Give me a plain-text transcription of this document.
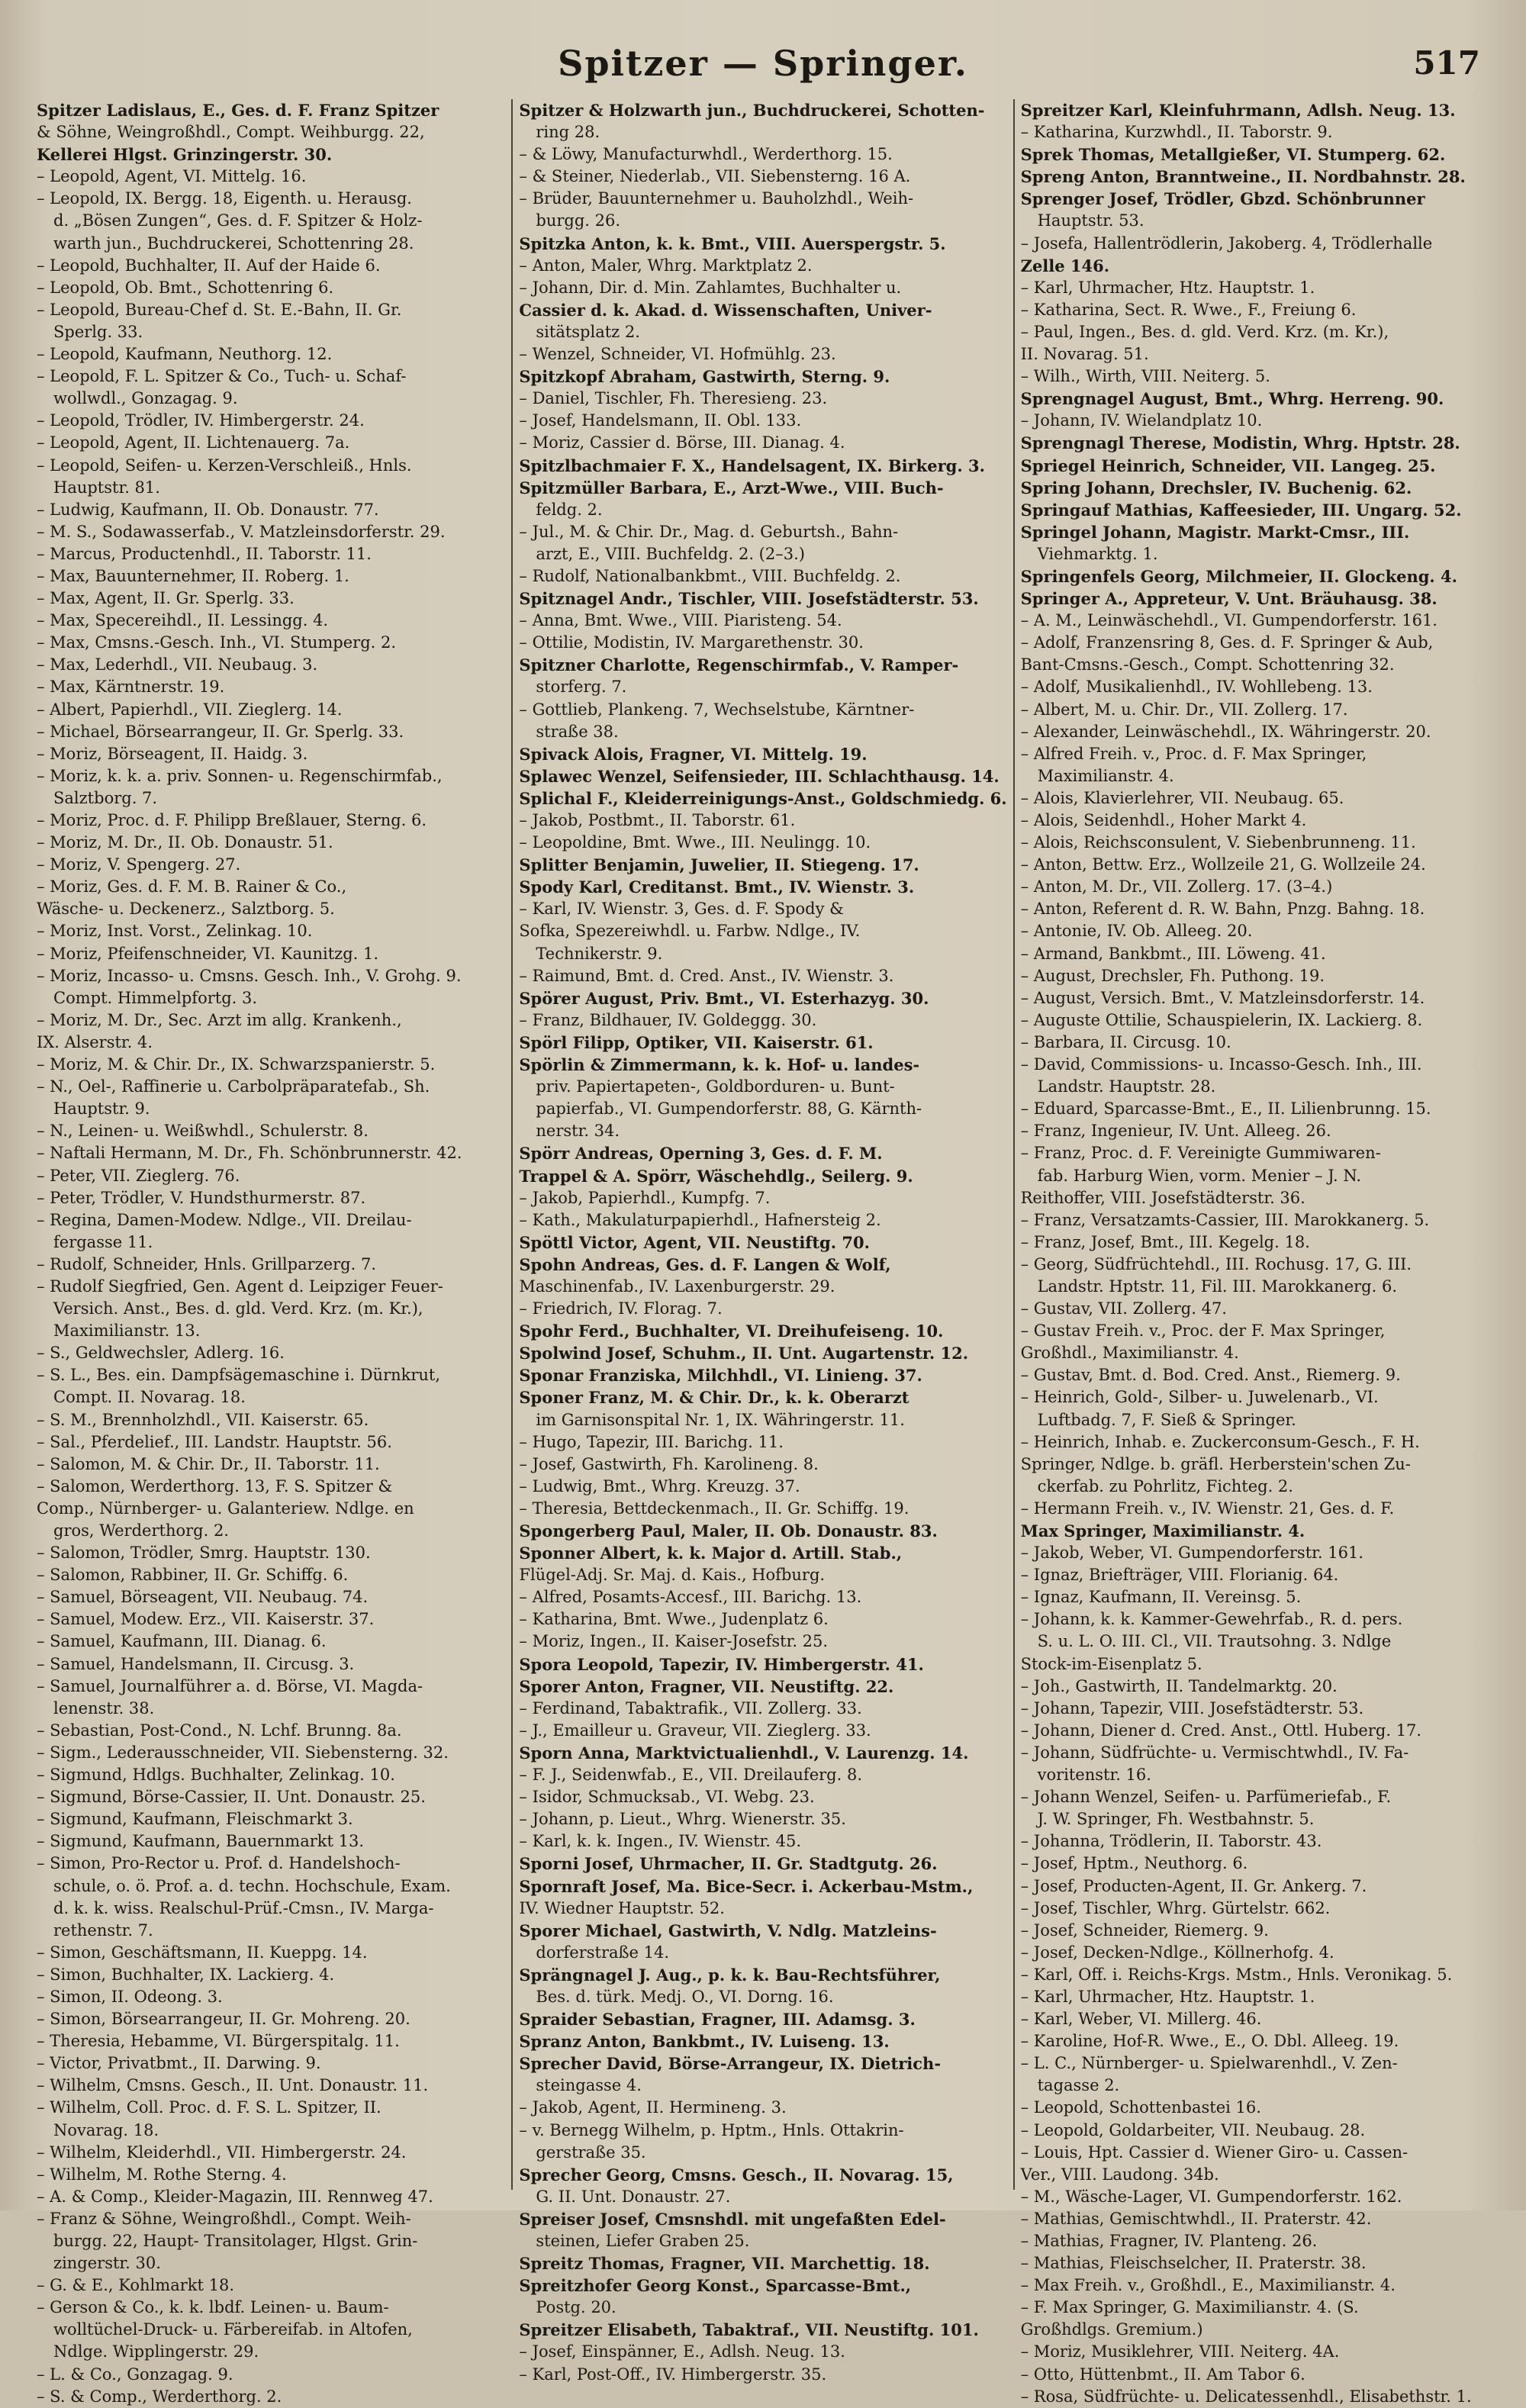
Spitzer — Springer.	517
Spitzer Ladislaus, E., Ges. d. F. Franz Spitzer
& Söhne, Weingroßhdl., Compt. Weihburgg. 22,
Kellerei Hlgst. Grinzingerstr. 30.
– Leopold, Agent, VI. Mittelg. 16.
– Leopold, IX. Bergg. 18, Eigenth. u. Herausg.
d. „Bösen Zungen“, Ges. d. F. Spitzer & Holz-
warth jun., Buchdruckerei, Schottenring 28.
– Leopold, Buchhalter, II. Auf der Haide 6.
– Leopold, Ob. Bmt., Schottenring 6.
– Leopold, Bureau-Chef d. St. E.-Bahn, II. Gr.
Sperlg. 33.
– Leopold, Kaufmann, Neuthorg. 12.
– Leopold, F. L. Spitzer & Co., Tuch- u. Schaf-
wollwdl., Gonzagag. 9.
– Leopold, Trödler, IV. Himbergerstr. 24.
– Leopold, Agent, II. Lichtenauerg. 7a.
– Leopold, Seifen- u. Kerzen-Verschleiß., Hnls.
Hauptstr. 81.
– Ludwig, Kaufmann, II. Ob. Donaustr. 77.
– M. S., Sodawasserfab., V. Matzleinsdorferstr. 29.
– Marcus, Productenhdl., II. Taborstr. 11.
– Max, Bauunternehmer, II. Roberg. 1.
– Max, Agent, II. Gr. Sperlg. 33.
– Max, Specereihdl., II. Lessingg. 4.
– Max, Cmsns.-Gesch. Inh., VI. Stumperg. 2.
– Max, Lederhdl., VII. Neubaug. 3.
– Max, Kärntnerstr. 19.
– Albert, Papierhdl., VII. Zieglerg. 14.
– Michael, Börsearrangeur, II. Gr. Sperlg. 33.
– Moriz, Börseagent, II. Haidg. 3.
– Moriz, k. k. a. priv. Sonnen- u. Regenschirmfab.,
Salztborg. 7.
– Moriz, Proc. d. F. Philipp Breßlauer, Sterng. 6.
– Moriz, M. Dr., II. Ob. Donaustr. 51.
– Moriz, V. Spengerg. 27.
– Moriz, Ges. d. F. M. B. Rainer & Co.,
Wäsche- u. Deckenerz., Salztborg. 5.
– Moriz, Inst. Vorst., Zelinkag. 10.
– Moriz, Pfeifenschneider, VI. Kaunitzg. 1.
– Moriz, Incasso- u. Cmsns. Gesch. Inh., V. Grohg. 9.
Compt. Himmelpfortg. 3.
– Moriz, M. Dr., Sec. Arzt im allg. Krankenh.,
IX. Alserstr. 4.
– Moriz, M. & Chir. Dr., IX. Schwarzspanierstr. 5.
– N., Oel-, Raffinerie u. Carbolpräparatefab., Sh.
Hauptstr. 9.
– N., Leinen- u. Weißwhdl., Schulerstr. 8.
– Naftali Hermann, M. Dr., Fh. Schönbrunnerstr. 42.
– Peter, VII. Zieglerg. 76.
– Peter, Trödler, V. Hundsthurmerstr. 87.
– Regina, Damen-Modew. Ndlge., VII. Dreilau-
fergasse 11.
– Rudolf, Schneider, Hnls. Grillparzerg. 7.
– Rudolf Siegfried, Gen. Agent d. Leipziger Feuer-
Versich. Anst., Bes. d. gld. Verd. Krz. (m. Kr.),
Maximilianstr. 13.
– S., Geldwechsler, Adlerg. 16.
– S. L., Bes. ein. Dampfsägemaschine i. Dürnkrut,
Compt. II. Novarag. 18.
– S. M., Brennholzhdl., VII. Kaiserstr. 65.
– Sal., Pferdelief., III. Landstr. Hauptstr. 56.
– Salomon, M. & Chir. Dr., II. Taborstr. 11.
– Salomon, Werderthorg. 13, F. S. Spitzer &
Comp., Nürnberger- u. Galanteriew. Ndlge. en
gros, Werderthorg. 2.
– Salomon, Trödler, Smrg. Hauptstr. 130.
– Salomon, Rabbiner, II. Gr. Schiffg. 6.
– Samuel, Börseagent, VII. Neubaug. 74.
– Samuel, Modew. Erz., VII. Kaiserstr. 37.
– Samuel, Kaufmann, III. Dianag. 6.
– Samuel, Handelsmann, II. Circusg. 3.
– Samuel, Journalführer a. d. Börse, VI. Magda-
lenenstr. 38.
– Sebastian, Post-Cond., N. Lchf. Brunng. 8a.
– Sigm., Lederausschneider, VII. Siebensterng. 32.
– Sigmund, Hdlgs. Buchhalter, Zelinkag. 10.
– Sigmund, Börse-Cassier, II. Unt. Donaustr. 25.
– Sigmund, Kaufmann, Fleischmarkt 3.
– Sigmund, Kaufmann, Bauernmarkt 13.
– Simon, Pro-Rector u. Prof. d. Handelshoch-
schule, o. ö. Prof. a. d. techn. Hochschule, Exam.
d. k. k. wiss. Realschul-Prüf.-Cmsn., IV. Marga-
rethenstr. 7.
– Simon, Geschäftsmann, II. Kueppg. 14.
– Simon, Buchhalter, IX. Lackierg. 4.
– Simon, II. Odeong. 3.
– Simon, Börsearrangeur, II. Gr. Mohreng. 20.
– Theresia, Hebamme, VI. Bürgerspitalg. 11.
– Victor, Privatbmt., II. Darwing. 9.
– Wilhelm, Cmsns. Gesch., II. Unt. Donaustr. 11.
– Wilhelm, Coll. Proc. d. F. S. L. Spitzer, II.
Novarag. 18.
– Wilhelm, Kleiderhdl., VII. Himbergerstr. 24.
– Wilhelm, M. Rothe Sterng. 4.
– A. & Comp., Kleider-Magazin, III. Rennweg 47.
– Franz & Söhne, Weingroßhdl., Compt. Weih-
burgg. 22, Haupt- Transitolager, Hlgst. Grin-
zingerstr. 30.
– G. & E., Kohlmarkt 18.
– Gerson & Co., k. k. lbdf. Leinen- u. Baum-
wolltüchel-Druck- u. Färbereifab. in Altofen,
Ndlge. Wipplingerstr. 29.
– L. & Co., Gonzagag. 9.
– S. & Comp., Werderthorg. 2.
Spitzer & Holzwarth jun., Buchdruckerei, Schotten-
ring 28.
– & Löwy, Manufacturwhdl., Werderthorg. 15.
– & Steiner, Niederlab., VII. Siebensterng. 16 A.
– Brüder, Bauunternehmer u. Bauholzhdl., Weih-
burgg. 26.
Spitzka Anton, k. k. Bmt., VIII. Auerspergstr. 5.
– Anton, Maler, Whrg. Marktplatz 2.
– Johann, Dir. d. Min. Zahlamtes, Buchhalter u.
Cassier d. k. Akad. d. Wissenschaften, Univer-
sitätsplatz 2.
– Wenzel, Schneider, VI. Hofmühlg. 23.
Spitzkopf Abraham, Gastwirth, Sterng. 9.
– Daniel, Tischler, Fh. Theresieng. 23.
– Josef, Handelsmann, II. Obl. 133.
– Moriz, Cassier d. Börse, III. Dianag. 4.
Spitzlbachmaier F. X., Handelsagent, IX. Birkerg. 3.
Spitzmüller Barbara, E., Arzt-Wwe., VIII. Buch-
feldg. 2.
– Jul., M. & Chir. Dr., Mag. d. Geburtsh., Bahn-
arzt, E., VIII. Buchfeldg. 2. (2–3.)
– Rudolf, Nationalbankbmt., VIII. Buchfeldg. 2.
Spitznagel Andr., Tischler, VIII. Josefstädterstr. 53.
– Anna, Bmt. Wwe., VIII. Piaristeng. 54.
– Ottilie, Modistin, IV. Margarethenstr. 30.
Spitzner Charlotte, Regenschirmfab., V. Ramper-
storferg. 7.
– Gottlieb, Plankeng. 7, Wechselstube, Kärntner-
straße 38.
Spivack Alois, Fragner, VI. Mittelg. 19.
Splawec Wenzel, Seifensieder, III. Schlachthausg. 14.
Splichal F., Kleiderreinigungs-Anst., Goldschmiedg. 6.
– Jakob, Postbmt., II. Taborstr. 61.
– Leopoldine, Bmt. Wwe., III. Neulingg. 10.
Splitter Benjamin, Juwelier, II. Stiegeng. 17.
Spody Karl, Creditanst. Bmt., IV. Wienstr. 3.
– Karl, IV. Wienstr. 3, Ges. d. F. Spody &
Sofka, Spezereiwhdl. u. Farbw. Ndlge., IV.
Technikerstr. 9.
– Raimund, Bmt. d. Cred. Anst., IV. Wienstr. 3.
Spörer August, Priv. Bmt., VI. Esterhazyg. 30.
– Franz, Bildhauer, IV. Goldeggg. 30.
Spörl Filipp, Optiker, VII. Kaiserstr. 61.
Spörlin & Zimmermann, k. k. Hof- u. landes-
priv. Papiertapeten-, Goldborduren- u. Bunt-
papierfab., VI. Gumpendorferstr. 88, G. Kärnth-
nerstr. 34.
Spörr Andreas, Operning 3, Ges. d. F. M.
Trappel & A. Spörr, Wäschehdlg., Seilerg. 9.
– Jakob, Papierhdl., Kumpfg. 7.
– Kath., Makulaturpapierhdl., Hafnersteig 2.
Spöttl Victor, Agent, VII. Neustiftg. 70.
Spohn Andreas, Ges. d. F. Langen & Wolf,
Maschinenfab., IV. Laxenburgerstr. 29.
– Friedrich, IV. Florag. 7.
Spohr Ferd., Buchhalter, VI. Dreihufeiseng. 10.
Spolwind Josef, Schuhm., II. Unt. Augartenstr. 12.
Sponar Franziska, Milchhdl., VI. Linieng. 37.
Sponer Franz, M. & Chir. Dr., k. k. Oberarzt
im Garnisonspital Nr. 1, IX. Währingerstr. 11.
– Hugo, Tapezir, III. Barichg. 11.
– Josef, Gastwirth, Fh. Karolineng. 8.
– Ludwig, Bmt., Whrg. Kreuzg. 37.
– Theresia, Bettdeckenmach., II. Gr. Schiffg. 19.
Spongerberg Paul, Maler, II. Ob. Donaustr. 83.
Sponner Albert, k. k. Major d. Artill. Stab.,
Flügel-Adj. Sr. Maj. d. Kais., Hofburg.
– Alfred, Posamts-Accesf., III. Barichg. 13.
– Katharina, Bmt. Wwe., Judenplatz 6.
– Moriz, Ingen., II. Kaiser-Josefstr. 25.
Spora Leopold, Tapezir, IV. Himbergerstr. 41.
Sporer Anton, Fragner, VII. Neustiftg. 22.
– Ferdinand, Tabaktrafik., VII. Zollerg. 33.
– J., Emailleur u. Graveur, VII. Zieglerg. 33.
Sporn Anna, Marktvictualienhdl., V. Laurenzg. 14.
– F. J., Seidenwfab., E., VII. Dreilauferg. 8.
– Isidor, Schmucksab., VI. Webg. 23.
– Johann, p. Lieut., Whrg. Wienerstr. 35.
– Karl, k. k. Ingen., IV. Wienstr. 45.
Sporni Josef, Uhrmacher, II. Gr. Stadtgutg. 26.
Spornraft Josef, Ma. Bice-Secr. i. Ackerbau-Mstm.,
IV. Wiedner Hauptstr. 52.
Sporer Michael, Gastwirth, V. Ndlg. Matzleins-
dorferstraße 14.
Sprängnagel J. Aug., p. k. k. Bau-Rechtsführer,
Bes. d. türk. Medj. O., VI. Dorng. 16.
Spraider Sebastian, Fragner, III. Adamsg. 3.
Spranz Anton, Bankbmt., IV. Luiseng. 13.
Sprecher David, Börse-Arrangeur, IX. Dietrich-
steingasse 4.
– Jakob, Agent, II. Hermineng. 3.
– v. Bernegg Wilhelm, p. Hptm., Hnls. Ottakrin-
gerstraße 35.
Sprecher Georg, Cmsns. Gesch., II. Novarag. 15,
G. II. Unt. Donaustr. 27.
Spreiser Josef, Cmsnshdl. mit ungefaßten Edel-
steinen, Liefer Graben 25.
Spreitz Thomas, Fragner, VII. Marchettig. 18.
Spreitzhofer Georg Konst., Sparcasse-Bmt.,
Postg. 20.
Spreitzer Elisabeth, Tabaktraf., VII. Neustiftg. 101.
– Josef, Einspänner, E., Adlsh. Neug. 13.
– Karl, Post-Off., IV. Himbergerstr. 35.
Spreitzer Karl, Kleinfuhrmann, Adlsh. Neug. 13.
– Katharina, Kurzwhdl., II. Taborstr. 9.
Sprek Thomas, Metallgießer, VI. Stumperg. 62.
Spreng Anton, Branntweine., II. Nordbahnstr. 28.
Sprenger Josef, Trödler, Gbzd. Schönbrunner
Hauptstr. 53.
– Josefa, Hallentrödlerin, Jakoberg. 4, Trödlerhalle
Zelle 146.
– Karl, Uhrmacher, Htz. Hauptstr. 1.
– Katharina, Sect. R. Wwe., F., Freiung 6.
– Paul, Ingen., Bes. d. gld. Verd. Krz. (m. Kr.),
II. Novarag. 51.
– Wilh., Wirth, VIII. Neiterg. 5.
Sprengnagel August, Bmt., Whrg. Herreng. 90.
– Johann, IV. Wielandplatz 10.
Sprengnagl Therese, Modistin, Whrg. Hptstr. 28.
Spriegel Heinrich, Schneider, VII. Langeg. 25.
Spring Johann, Drechsler, IV. Buchenig. 62.
Springauf Mathias, Kaffeesieder, III. Ungarg. 52.
Springel Johann, Magistr. Markt-Cmsr., III.
Viehmarktg. 1.
Springenfels Georg, Milchmeier, II. Glockeng. 4.
Springer A., Appreteur, V. Unt. Bräuhausg. 38.
– A. M., Leinwäschehdl., VI. Gumpendorferstr. 161.
– Adolf, Franzensring 8, Ges. d. F. Springer & Aub,
Bant-Cmsns.-Gesch., Compt. Schottenring 32.
– Adolf, Musikalienhdl., IV. Wohllebeng. 13.
– Albert, M. u. Chir. Dr., VII. Zollerg. 17.
– Alexander, Leinwäschehdl., IX. Währingerstr. 20.
– Alfred Freih. v., Proc. d. F. Max Springer,
Maximilianstr. 4.
– Alois, Klavierlehrer, VII. Neubaug. 65.
– Alois, Seidenhdl., Hoher Markt 4.
– Alois, Reichsconsulent, V. Siebenbrunneng. 11.
– Anton, Bettw. Erz., Wollzeile 21, G. Wollzeile 24.
– Anton, M. Dr., VII. Zollerg. 17. (3–4.)
– Anton, Referent d. R. W. Bahn, Pnzg. Bahng. 18.
– Antonie, IV. Ob. Alleeg. 20.
– Armand, Bankbmt., III. Löweng. 41.
– August, Drechsler, Fh. Puthong. 19.
– August, Versich. Bmt., V. Matzleinsdorferstr. 14.
– Auguste Ottilie, Schauspielerin, IX. Lackierg. 8.
– Barbara, II. Circusg. 10.
– David, Commissions- u. Incasso-Gesch. Inh., III.
Landstr. Hauptstr. 28.
– Eduard, Sparcasse-Bmt., E., II. Lilienbrunng. 15.
– Franz, Ingenieur, IV. Unt. Alleeg. 26.
– Franz, Proc. d. F. Vereinigte Gummiwaren-
fab. Harburg Wien, vorm. Menier – J. N.
Reithoffer, VIII. Josefstädterstr. 36.
– Franz, Versatzamts-Cassier, III. Marokkanerg. 5.
– Franz, Josef, Bmt., III. Kegelg. 18.
– Georg, Südfrüchtehdl., III. Rochusg. 17, G. III.
Landstr. Hptstr. 11, Fil. III. Marokkanerg. 6.
– Gustav, VII. Zollerg. 47.
– Gustav Freih. v., Proc. der F. Max Springer,
Großhdl., Maximilianstr. 4.
– Gustav, Bmt. d. Bod. Cred. Anst., Riemerg. 9.
– Heinrich, Gold-, Silber- u. Juwelenarb., VI.
Luftbadg. 7, F. Sieß & Springer.
– Heinrich, Inhab. e. Zuckerconsum-Gesch., F. H.
Springer, Ndlge. b. gräfl. Herberstein'schen Zu-
ckerfab. zu Pohrlitz, Fichteg. 2.
– Hermann Freih. v., IV. Wienstr. 21, Ges. d. F.
Max Springer, Maximilianstr. 4.
– Jakob, Weber, VI. Gumpendorferstr. 161.
– Ignaz, Briefträger, VIII. Florianig. 64.
– Ignaz, Kaufmann, II. Vereinsg. 5.
– Johann, k. k. Kammer-Gewehrfab., R. d. pers.
S. u. L. O. III. Cl., VII. Trautsohng. 3. Ndlge
Stock-im-Eisenplatz 5.
– Joh., Gastwirth, II. Tandelmarktg. 20.
– Johann, Tapezir, VIII. Josefstädterstr. 53.
– Johann, Diener d. Cred. Anst., Ottl. Huberg. 17.
– Johann, Südfrüchte- u. Vermischtwhdl., IV. Fa-
voritenstr. 16.
– Johann Wenzel, Seifen- u. Parfümeriefab., F.
J. W. Springer, Fh. Westbahnstr. 5.
– Johanna, Trödlerin, II. Taborstr. 43.
– Josef, Hptm., Neuthorg. 6.
– Josef, Producten-Agent, II. Gr. Ankerg. 7.
– Josef, Tischler, Whrg. Gürtelstr. 662.
– Josef, Schneider, Riemerg. 9.
– Josef, Decken-Ndlge., Köllnerhofg. 4.
– Karl, Off. i. Reichs-Krgs. Mstm., Hnls. Veronikag. 5.
– Karl, Uhrmacher, Htz. Hauptstr. 1.
– Karl, Weber, VI. Millerg. 46.
– Karoline, Hof-R. Wwe., E., O. Dbl. Alleeg. 19.
– L. C., Nürnberger- u. Spielwarenhdl., V. Zen-
tagasse 2.
– Leopold, Schottenbastei 16.
– Leopold, Goldarbeiter, VII. Neubaug. 28.
– Louis, Hpt. Cassier d. Wiener Giro- u. Cassen-
Ver., VIII. Laudong. 34b.
– M., Wäsche-Lager, VI. Gumpendorferstr. 162.
– Mathias, Gemischtwhdl., II. Praterstr. 42.
– Mathias, Fragner, IV. Planteng. 26.
– Mathias, Fleischselcher, II. Praterstr. 38.
– Max Freih. v., Großhdl., E., Maximilianstr. 4.
– F. Max Springer, G. Maximilianstr. 4. (S.
Großhdlgs. Gremium.)
– Moriz, Musiklehrer, VIII. Neiterg. 4A.
– Otto, Hüttenbmt., II. Am Tabor 6.
– Rosa, Südfrüchte- u. Delicatessenhdl., Elisabethstr. 1.
